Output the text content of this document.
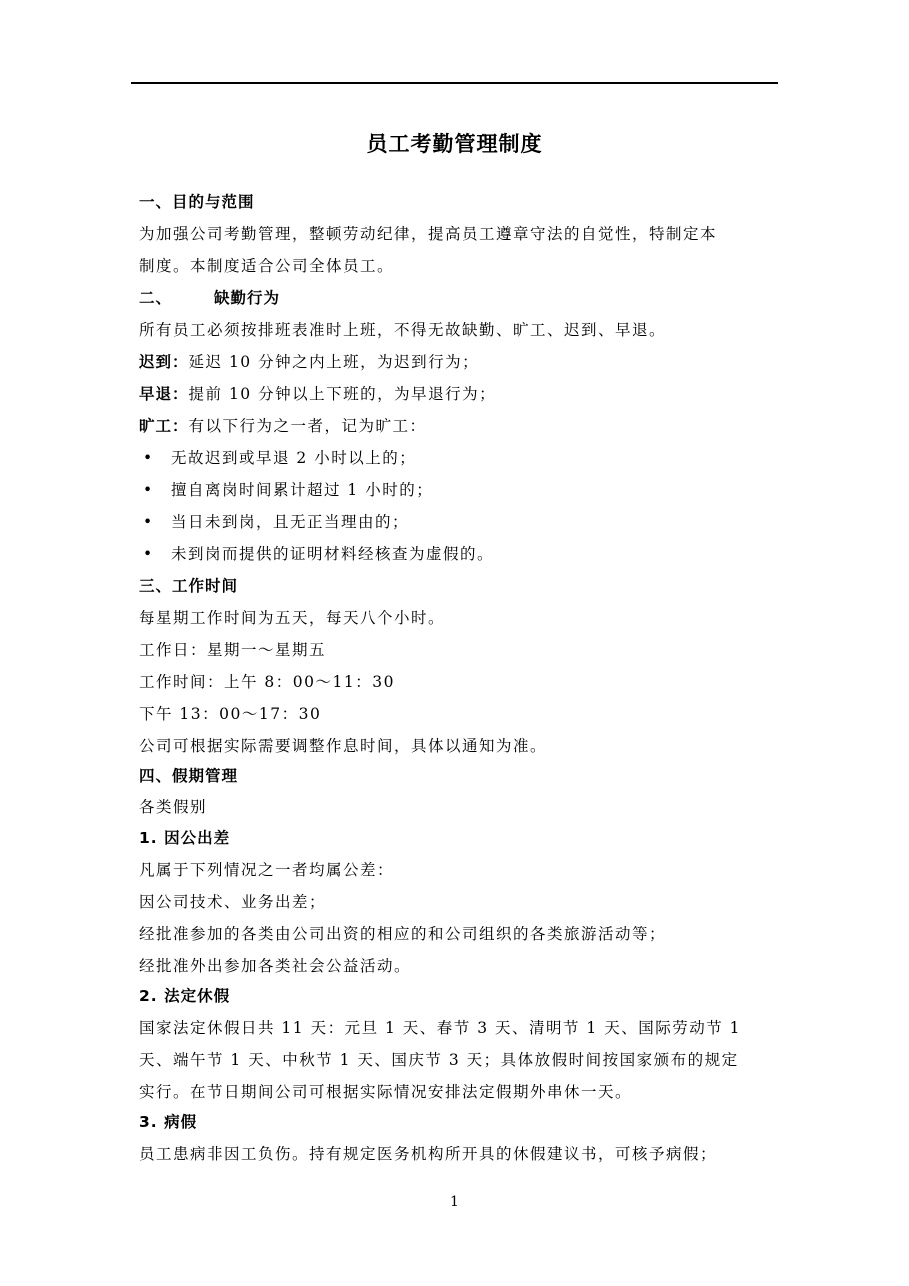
员工考勤管理制度
一、目的与范围
为加强公司考勤管理，整顿劳动纪律，提高员工遵章守法的自觉性，特制定本
制度。本制度适合公司全体员工。
二、	缺勤行为
所有员工必须按排班表准时上班，不得无故缺勤、旷工、迟到、早退。
迟到：延迟 10 分钟之内上班，为迟到行为；
早退：提前 10 分钟以上下班的，为早退行为；
旷工：有以下行为之一者，记为旷工：
• 无故迟到或早退 2 小时以上的；
• 擅自离岗时间累计超过 1 小时的；
• 当日未到岗，且无正当理由的；
• 未到岗而提供的证明材料经核查为虚假的。
三、工作时间
每星期工作时间为五天，每天八个小时。
工作日：星期一～星期五
工作时间：上午 8：00～11：30
下午 13：00～17：30
公司可根据实际需要调整作息时间，具体以通知为准。
四、假期管理
各类假别
1. 因公出差
凡属于下列情况之一者均属公差：
因公司技术、业务出差；
经批准参加的各类由公司出资的相应的和公司组织的各类旅游活动等；
经批准外出参加各类社会公益活动。
2. 法定休假
国家法定休假日共 11 天：元旦 1 天、春节 3 天、清明节 1 天、国际劳动节 1
天、端午节 1 天、中秋节 1 天、国庆节 3 天；具体放假时间按国家颁布的规定
实行。在节日期间公司可根据实际情况安排法定假期外串休一天。
3. 病假
员工患病非因工负伤。持有规定医务机构所开具的休假建议书，可核予病假；
1
